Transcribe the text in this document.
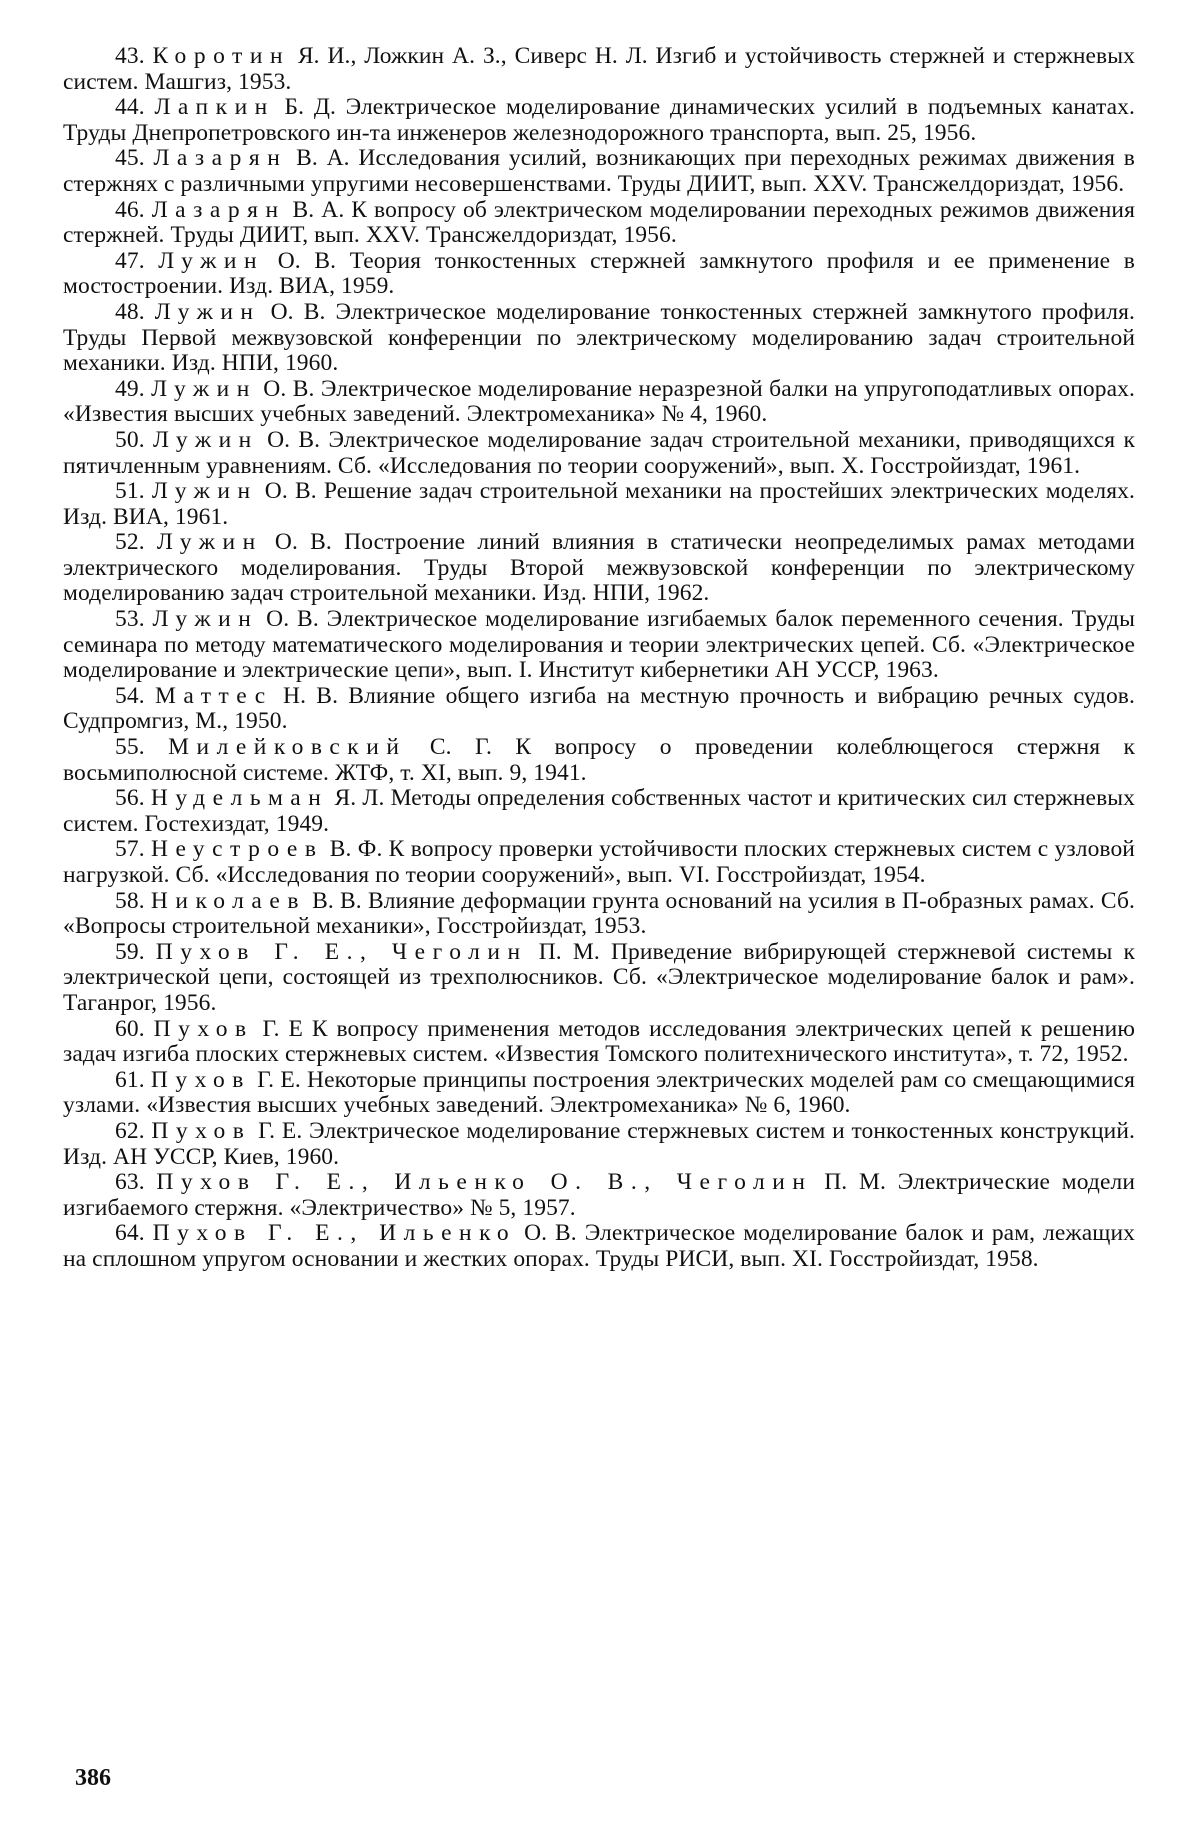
43. Коротин Я. И., Ложкин А. З., Сиверс Н. Л. Изгиб и устойчивость стержней и стержневых систем. Машгиз, 1953.

44. Лапкин Б. Д. Электрическое моделирование динамических усилий в подъемных канатах. Труды Днепропетровского ин-та инженеров железнодорожного транспорта, вып. 25, 1956.

45. Лазарян В. А. Исследования усилий, возникающих при переходных режимах движения в стержнях с различными упругими несовершенствами. Труды ДИИТ, вып. XXV. Трансжелдориздат, 1956.

46. Лазарян В. А. К вопросу об электрическом моделировании переходных режимов движения стержней. Труды ДИИТ, вып. XXV. Трансжелдориздат, 1956.

47. Лужин О. В. Теория тонкостенных стержней замкнутого профиля и ее применение в мостостроении. Изд. ВИА, 1959.

48. Лужин О. В. Электрическое моделирование тонкостенных стержней замкнутого профиля. Труды Первой межвузовской конференции по электрическому моделированию задач строительной механики. Изд. НПИ, 1960.

49. Лужин О. В. Электрическое моделирование неразрезной балки на упругоподатливых опорах. «Известия высших учебных заведений. Электромеханика» № 4, 1960.

50. Лужин О. В. Электрическое моделирование задач строительной механики, приводящихся к пятичленным уравнениям. Сб. «Исследования по теории сооружений», вып. X. Госстройиздат, 1961.

51. Лужин О. В. Решение задач строительной механики на простейших электрических моделях. Изд. ВИА, 1961.

52. Лужин О. В. Построение линий влияния в статически неопределимых рамах методами электрического моделирования. Труды Второй межвузовской конференции по электрическому моделированию задач строительной механики. Изд. НПИ, 1962.

53. Лужин О. В. Электрическое моделирование изгибаемых балок переменного сечения. Труды семинара по методу математического моделирования и теории электрических цепей. Сб. «Электрическое моделирование и электрические цепи», вып. I. Институт кибернетики АН УССР, 1963.

54. Маттес Н. В. Влияние общего изгиба на местную прочность и вибрацию речных судов. Судпромгиз, М., 1950.

55. Милейковский С. Г. К вопросу о проведении колеблющегося стержня к восьмиполюсной системе. ЖТФ, т. XI, вып. 9, 1941.

56. Нудельман Я. Л. Методы определения собственных частот и критических сил стержневых систем. Гостехиздат, 1949.

57. Неустроев В. Ф. К вопросу проверки устойчивости плоских стержневых систем с узловой нагрузкой. Сб. «Исследования по теории сооружений», вып. VI. Госстройиздат, 1954.

58. Николаев В. В. Влияние деформации грунта оснований на усилия в П-образных рамах. Сб. «Вопросы строительной механики», Госстройиздат, 1953.

59. Пухов Г. Е., Чеголин П. М. Приведение вибрирующей стержневой системы к электрической цепи, состоящей из трехполюсников. Сб. «Электрическое моделирование балок и рам». Таганрог, 1956.

60. Пухов Г. Е К вопросу применения методов исследования электрических цепей к решению задач изгиба плоских стержневых систем. «Известия Томского политехнического института», т. 72, 1952.

61. Пухов Г. Е. Некоторые принципы построения электрических моделей рам со смещающимися узлами. «Известия высших учебных заведений. Электромеханика» № 6, 1960.

62. Пухов Г. Е. Электрическое моделирование стержневых систем и тонкостенных конструкций. Изд. АН УССР, Киев, 1960.

63. Пухов Г. Е., Ильенко О. В., Чеголин П. М. Электрические модели изгибаемого стержня. «Электричество» № 5, 1957.

64. Пухов Г. Е., Ильенко О. В. Электрическое моделирование балок и рам, лежащих на сплошном упругом основании и жестких опорах. Труды РИСИ, вып. XI. Госстройиздат, 1958.

386
